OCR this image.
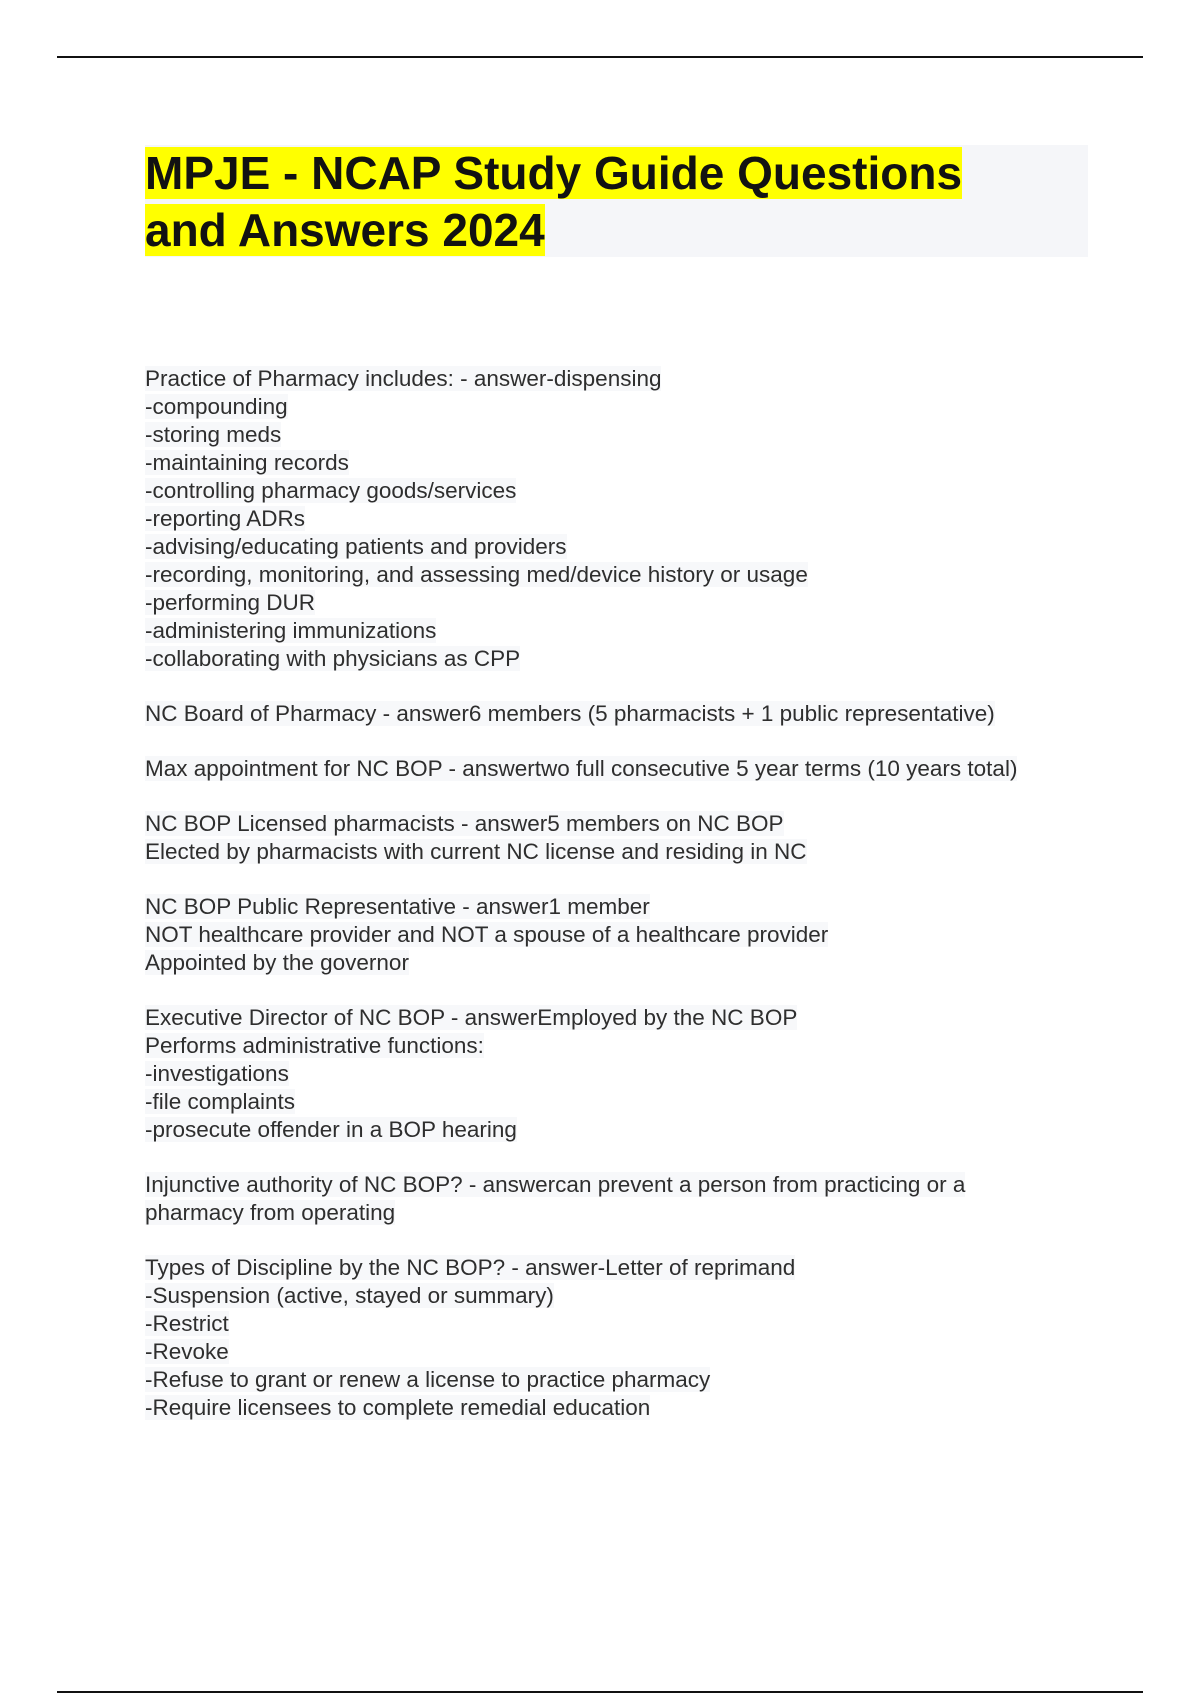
MPJE - NCAP Study Guide Questions
and Answers 2024
Practice of Pharmacy includes: - answer-dispensing
-compounding
-storing meds
-maintaining records
-controlling pharmacy goods/services
-reporting ADRs
-advising/educating patients and providers
-recording, monitoring, and assessing med/device history or usage
-performing DUR
-administering immunizations
-collaborating with physicians as CPP
NC Board of Pharmacy - answer6 members (5 pharmacists + 1 public representative)
Max appointment for NC BOP - answertwo full consecutive 5 year terms (10 years total)
NC BOP Licensed pharmacists - answer5 members on NC BOP
Elected by pharmacists with current NC license and residing in NC
NC BOP Public Representative - answer1 member
NOT healthcare provider and NOT a spouse of a healthcare provider
Appointed by the governor
Executive Director of NC BOP - answerEmployed by the NC BOP
Performs administrative functions:
-investigations
-file complaints
-prosecute offender in a BOP hearing
Injunctive authority of NC BOP? - answercan prevent a person from practicing or a
pharmacy from operating
Types of Discipline by the NC BOP? - answer-Letter of reprimand
-Suspension (active, stayed or summary)
-Restrict
-Revoke
-Refuse to grant or renew a license to practice pharmacy
-Require licensees to complete remedial education
